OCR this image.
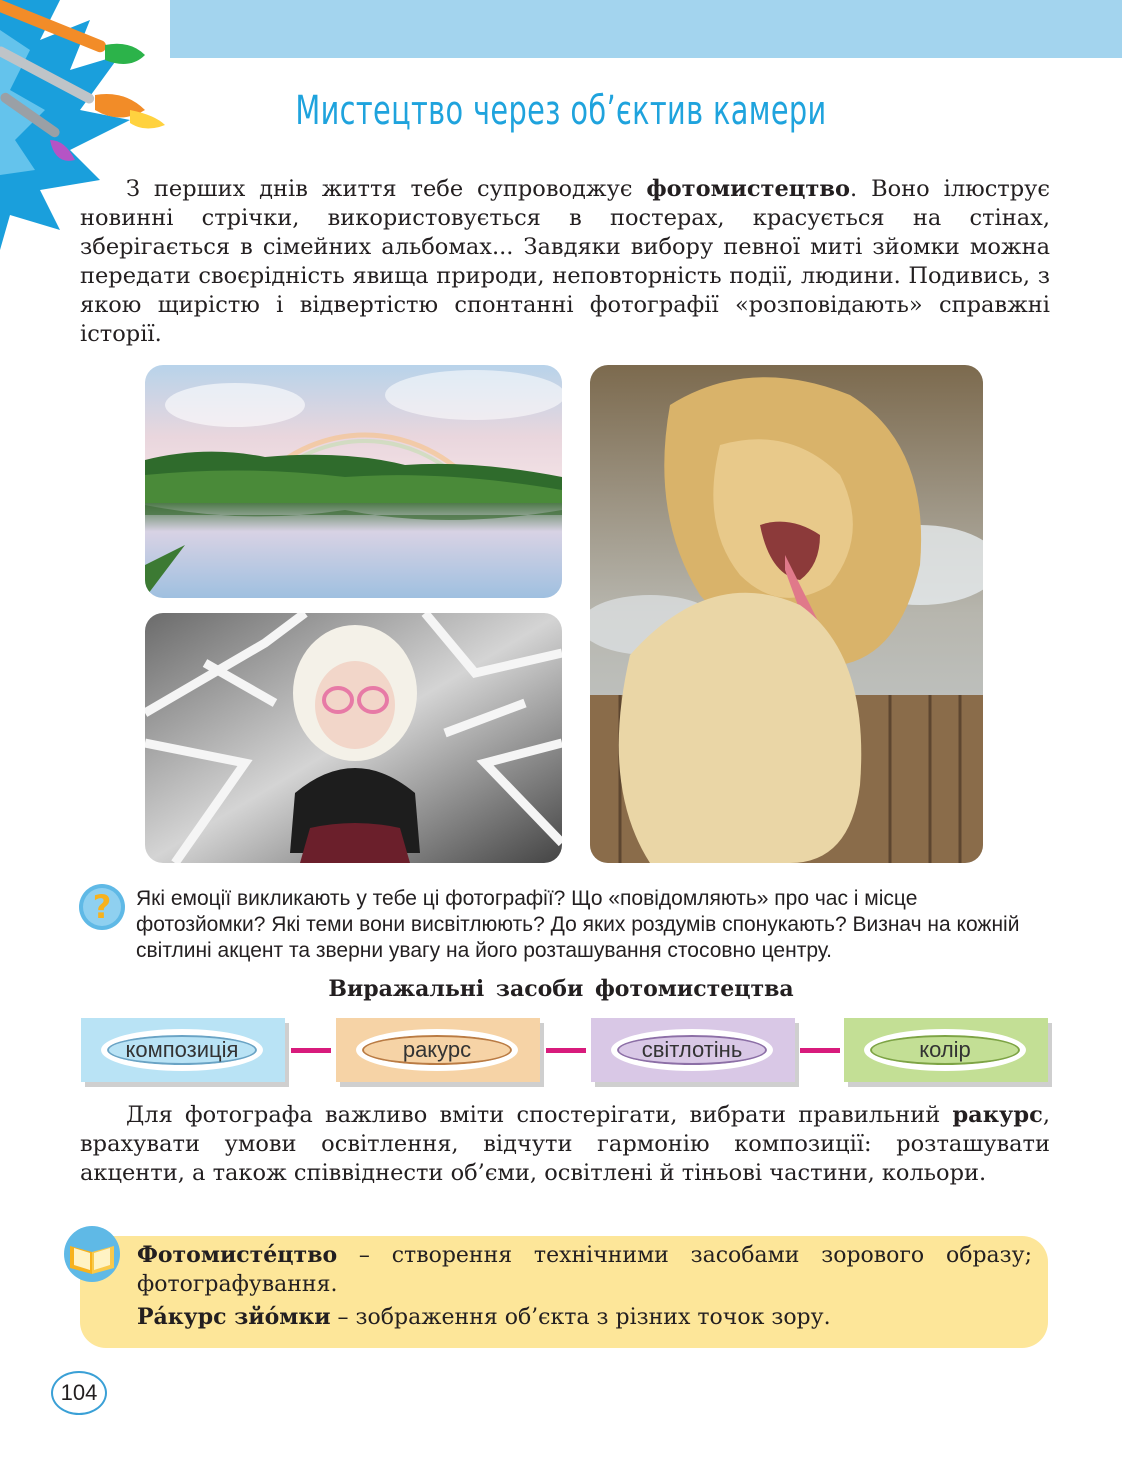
Мистецтво через об’єктив камери
З перших днів життя тебе супроводжує фотомистецтво. Воно ілюструє новинні стрічки, використовується в постерах, красується на стінах, зберігається в сімейних альбомах... Завдяки вибору певної миті зйомки можна передати своєрідність явища природи, неповторність події, людини. Подивись, з якою щирістю і відвертістю спонтанні фотографії «розповідають» справжні історії.
? Які емоції викликають у тебе ці фотографії? Що «повідомляють» про час і місце фотозйомки? Які теми вони висвітлюють? До яких роздумів спонукають? Визнач на кожній світлині акцент та зверни увагу на його розташування стосовно центру.
Виражальні засоби фотомистецтва
композиція	ракурс	світлотінь	колір
Для фотографа важливо вміти спостерігати, вибрати правильний ракурс, врахувати умови освітлення, відчути гармонію композиції: розташувати акценти, а також співвіднести об’єми, освітлені й тіньові частини, кольори.
Фотомисте́цтво – створення технічними засобами зорового образу; фотографування.
Ра́курс зйо́мки – зображення об’єкта з різних точок зору.
104
